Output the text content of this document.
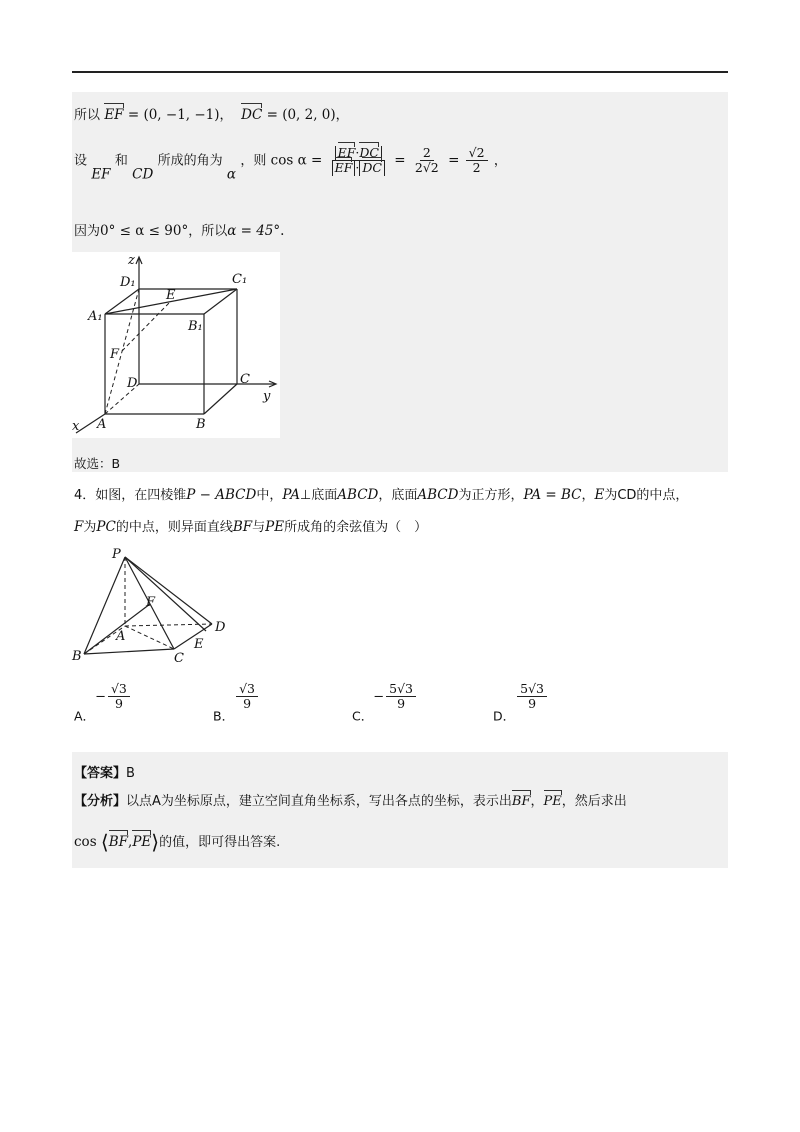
所以 EF = (0, −1, −1)， DC = (0, 2, 0)，
设 EF 和 CD 所成的角为 α ，则 $\cos \alpha = \frac{EF\cdot DC}{EF \cdot DC} = \frac{2}{2√2} = \frac{√2}{2}$ ，
因为0° ≤ α ≤ 90°，所以α = 45°.
z
y
x
D₁	C₁
A₁
B₁
E
F
D	C
A	B
故选：B
4．如图，在四棱锥P − ABCD中，PA⊥底面ABCD，底面ABCD为正方形，PA = BC，E为CD的中点，
F为PC的中点，则异面直线BF与PE所成角的余弦值为（　）
P
F
A
D
B	C
E
A．− $\frac{√3}{9}$
B．
$\frac{√3}{9}$
C．− $\frac{5√3}{9}$
D．
$\frac{5√3}{9}$
【答案】B
【分析】以点A为坐标原点，建立空间直角坐标系，写出各点的坐标，表示出BF，PE，然后求出
cos ⟨BF,PE⟩的值，即可得出答案.
